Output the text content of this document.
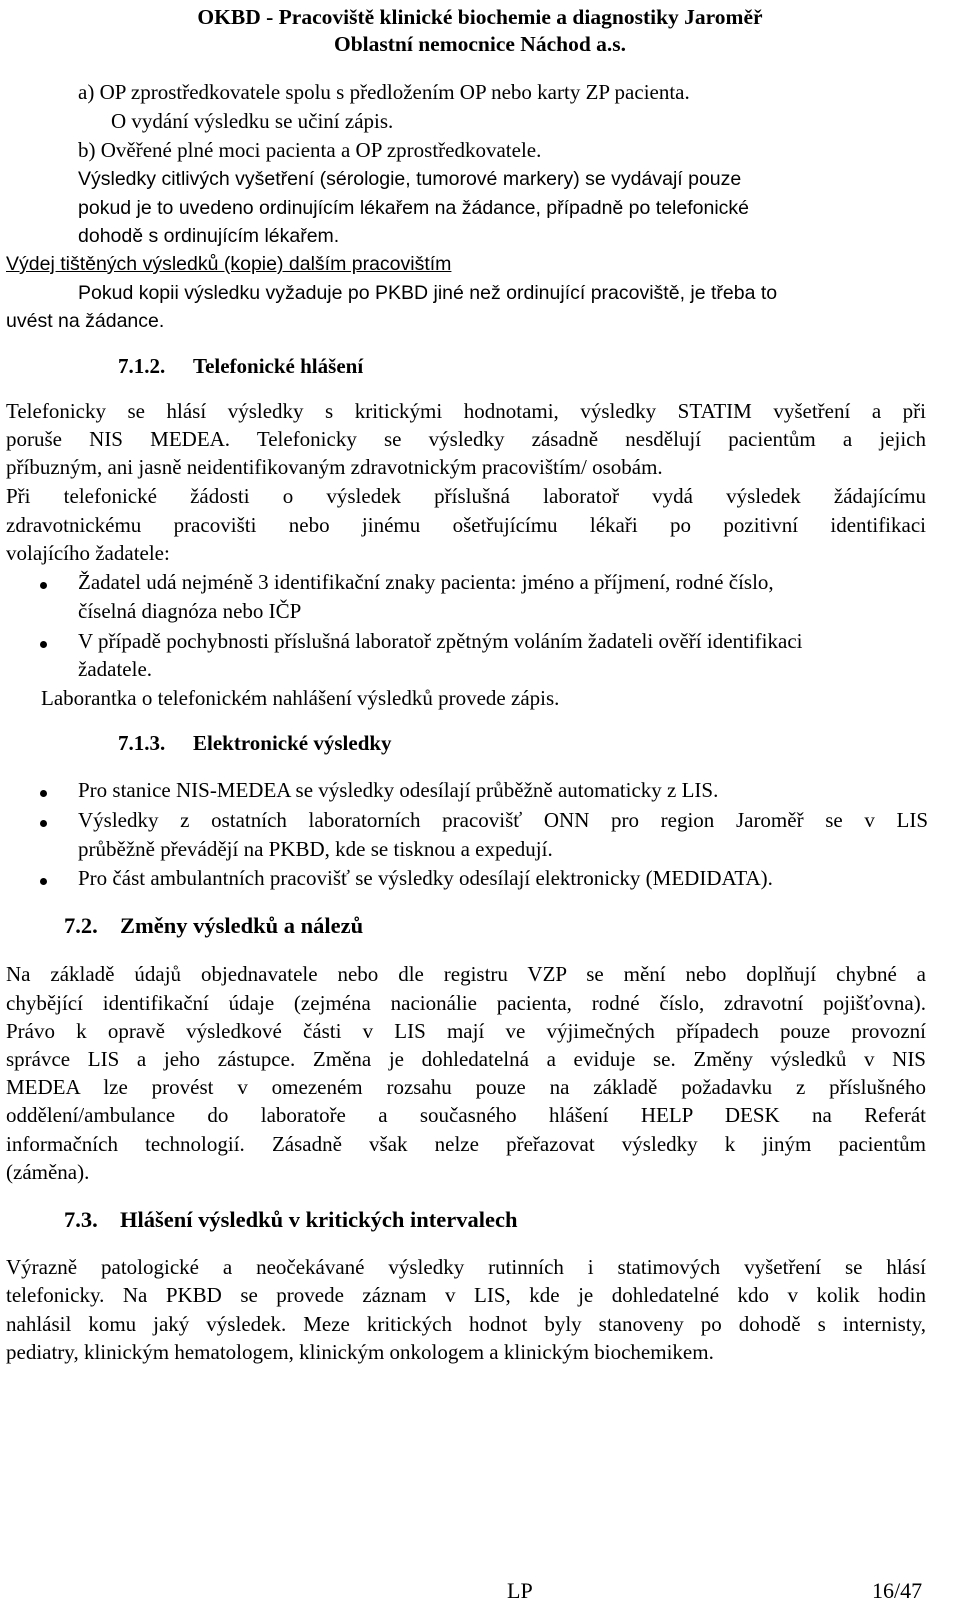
OKBD - Pracoviště klinické biochemie a diagnostiky Jaroměř
Oblastní nemocnice Náchod a.s.
a) OP zprostředkovatele spolu s předložením OP nebo karty ZP pacienta.
O vydání výsledku se učiní zápis.
b) Ověřené plné moci pacienta a OP zprostředkovatele.
Výsledky citlivých vyšetření (sérologie, tumorové markery) se vydávají pouze
pokud je to uvedeno ordinujícím lékařem na žádance, případně po telefonické
dohodě s ordinujícím lékařem.
Výdej tištěných výsledků (kopie) dalším pracovištím
Pokud kopii výsledku vyžaduje po PKBD jiné než ordinující pracoviště, je třeba to
uvést na žádance.
7.1.2. Telefonické hlášení
Telefonicky se hlásí výsledky s kritickými hodnotami, výsledky STATIM vyšetření a při
poruše NIS MEDEA. Telefonicky se výsledky zásadně nesdělují pacientům a jejich
příbuzným, ani jasně neidentifikovaným zdravotnickým pracovištím/ osobám.
Při telefonické žádosti o výsledek příslušná laboratoř vydá výsledek žádajícímu
zdravotnickému pracovišti nebo jinému ošetřujícímu lékaři po pozitivní identifikaci
volajícího žadatele:
Žadatel udá nejméně 3 identifikační znaky pacienta: jméno a příjmení, rodné číslo,
číselná diagnóza nebo IČP
V případě pochybnosti příslušná laboratoř zpětným voláním žadateli ověří identifikaci
žadatele.
Laborantka o telefonickém nahlášení výsledků provede zápis.
7.1.3. Elektronické výsledky
Pro stanice NIS-MEDEA se výsledky odesílají průběžně automaticky z LIS.
Výsledky z ostatních laboratorních pracovišť ONN pro region Jaroměř se v LIS
průběžně převádějí na PKBD, kde se tisknou a expedují.
Pro část ambulantních pracovišť se výsledky odesílají elektronicky (MEDIDATA).
7.2. Změny výsledků a nálezů
Na základě údajů objednavatele nebo dle registru VZP se mění nebo doplňují chybné a
chybějící identifikační údaje (zejména nacionálie pacienta, rodné číslo, zdravotní pojišťovna).
Právo k opravě výsledkové části v LIS mají ve výjimečných případech pouze provozní
správce LIS a jeho zástupce. Změna je dohledatelná a eviduje se. Změny výsledků v NIS
MEDEA lze provést v omezeném rozsahu pouze na základě požadavku z příslušného
oddělení/ambulance do laboratoře a současného hlášení HELP DESK na Referát
informačních technologií. Zásadně však nelze přeřazovat výsledky k jiným pacientům
(záměna).
7.3. Hlášení výsledků v kritických intervalech
Výrazně patologické a neočekávané výsledky rutinních i statimových vyšetření se hlásí
telefonicky. Na PKBD se provede záznam v LIS, kde je dohledatelné kdo v kolik hodin
nahlásil komu jaký výsledek. Meze kritických hodnot byly stanoveny po dohodě s internisty,
pediatry, klinickým hematologem, klinickým onkologem a klinickým biochemikem.
LP	16/47
